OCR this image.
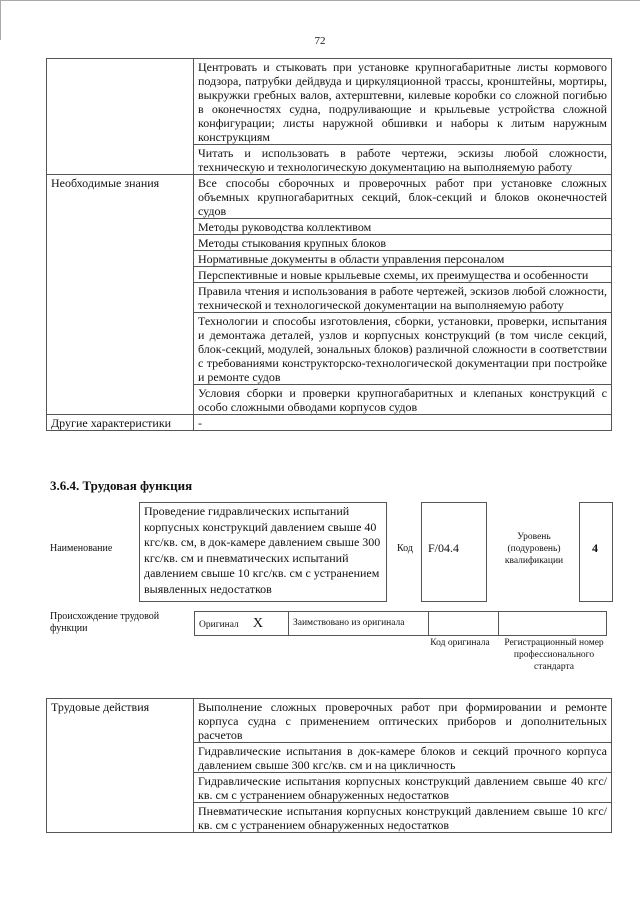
72
	Центровать и стыковать при установке крупногабаритные листы кормового подзора, патрубки дейдвуда и циркуляционной трассы, кронштейны, мортиры, выкружки гребных валов, ахтерштевни, килевые коробки со сложной погибью в оконечностях судна, подруливающие и крыльевые устройства сложной конфигурации; листы наружной обшивки и наборы к литым наружным конструкциям
	Читать и использовать в работе чертежи, эскизы любой сложности, техническую и технологическую документацию на выполняемую работу
Необходимые знания	Все способы сборочных и проверочных работ при установке сложных объемных крупногабаритных секций, блок-секций и блоков оконечностей судов
	Методы руководства коллективом
	Методы стыкования крупных блоков
	Нормативные документы в области управления персоналом
	Перспективные и новые крыльевые схемы, их преимущества и особенности
	Правила чтения и использования в работе чертежей, эскизов любой сложности, технической и технологической документации на выполняемую работу
	Технологии и способы изготовления, сборки, установки, проверки, испытания и демонтажа деталей, узлов и корпусных конструкций (в том числе секций, блок-секций, модулей, зональных блоков) различной сложности в соответствии с требованиями конструкторско-технологической документации при постройке и ремонте судов
	Условия сборки и проверки крупногабаритных и клепаных конструкций с особо сложными обводами корпусов судов
Другие характеристики	-
3.6.4. Трудовая функция
Наименование
Проведение гидравлических испытаний корпусных конструкций давлением свыше 40 кгс/кв. см, в док-камере давлением свыше 300 кгс/кв. см и пневматических испытаний давлением свыше 10 кгс/кв. см с устранением выявленных недостатков
Код F/04.4
Уровень (подуровень) квалификации
4
Происхождение трудовой функции	Оригинал X	Заимствовано из оригинала		
Код оригинала	Регистрационный номер профессионального стандарта
Трудовые действия	Выполнение сложных проверочных работ при формировании и ремонте корпуса судна с применением оптических приборов и дополнительных расчетов
Гидравлические испытания в док-камере блоков и секций прочного корпуса давлением свыше 300 кгс/кв. см и на цикличность
Гидравлические испытания корпусных конструкций давлением свыше 40 кгс/кв. см с устранением обнаруженных недостатков
Пневматические испытания корпусных конструкций давлением свыше 10 кгс/кв. см с устранением обнаруженных недостатков
